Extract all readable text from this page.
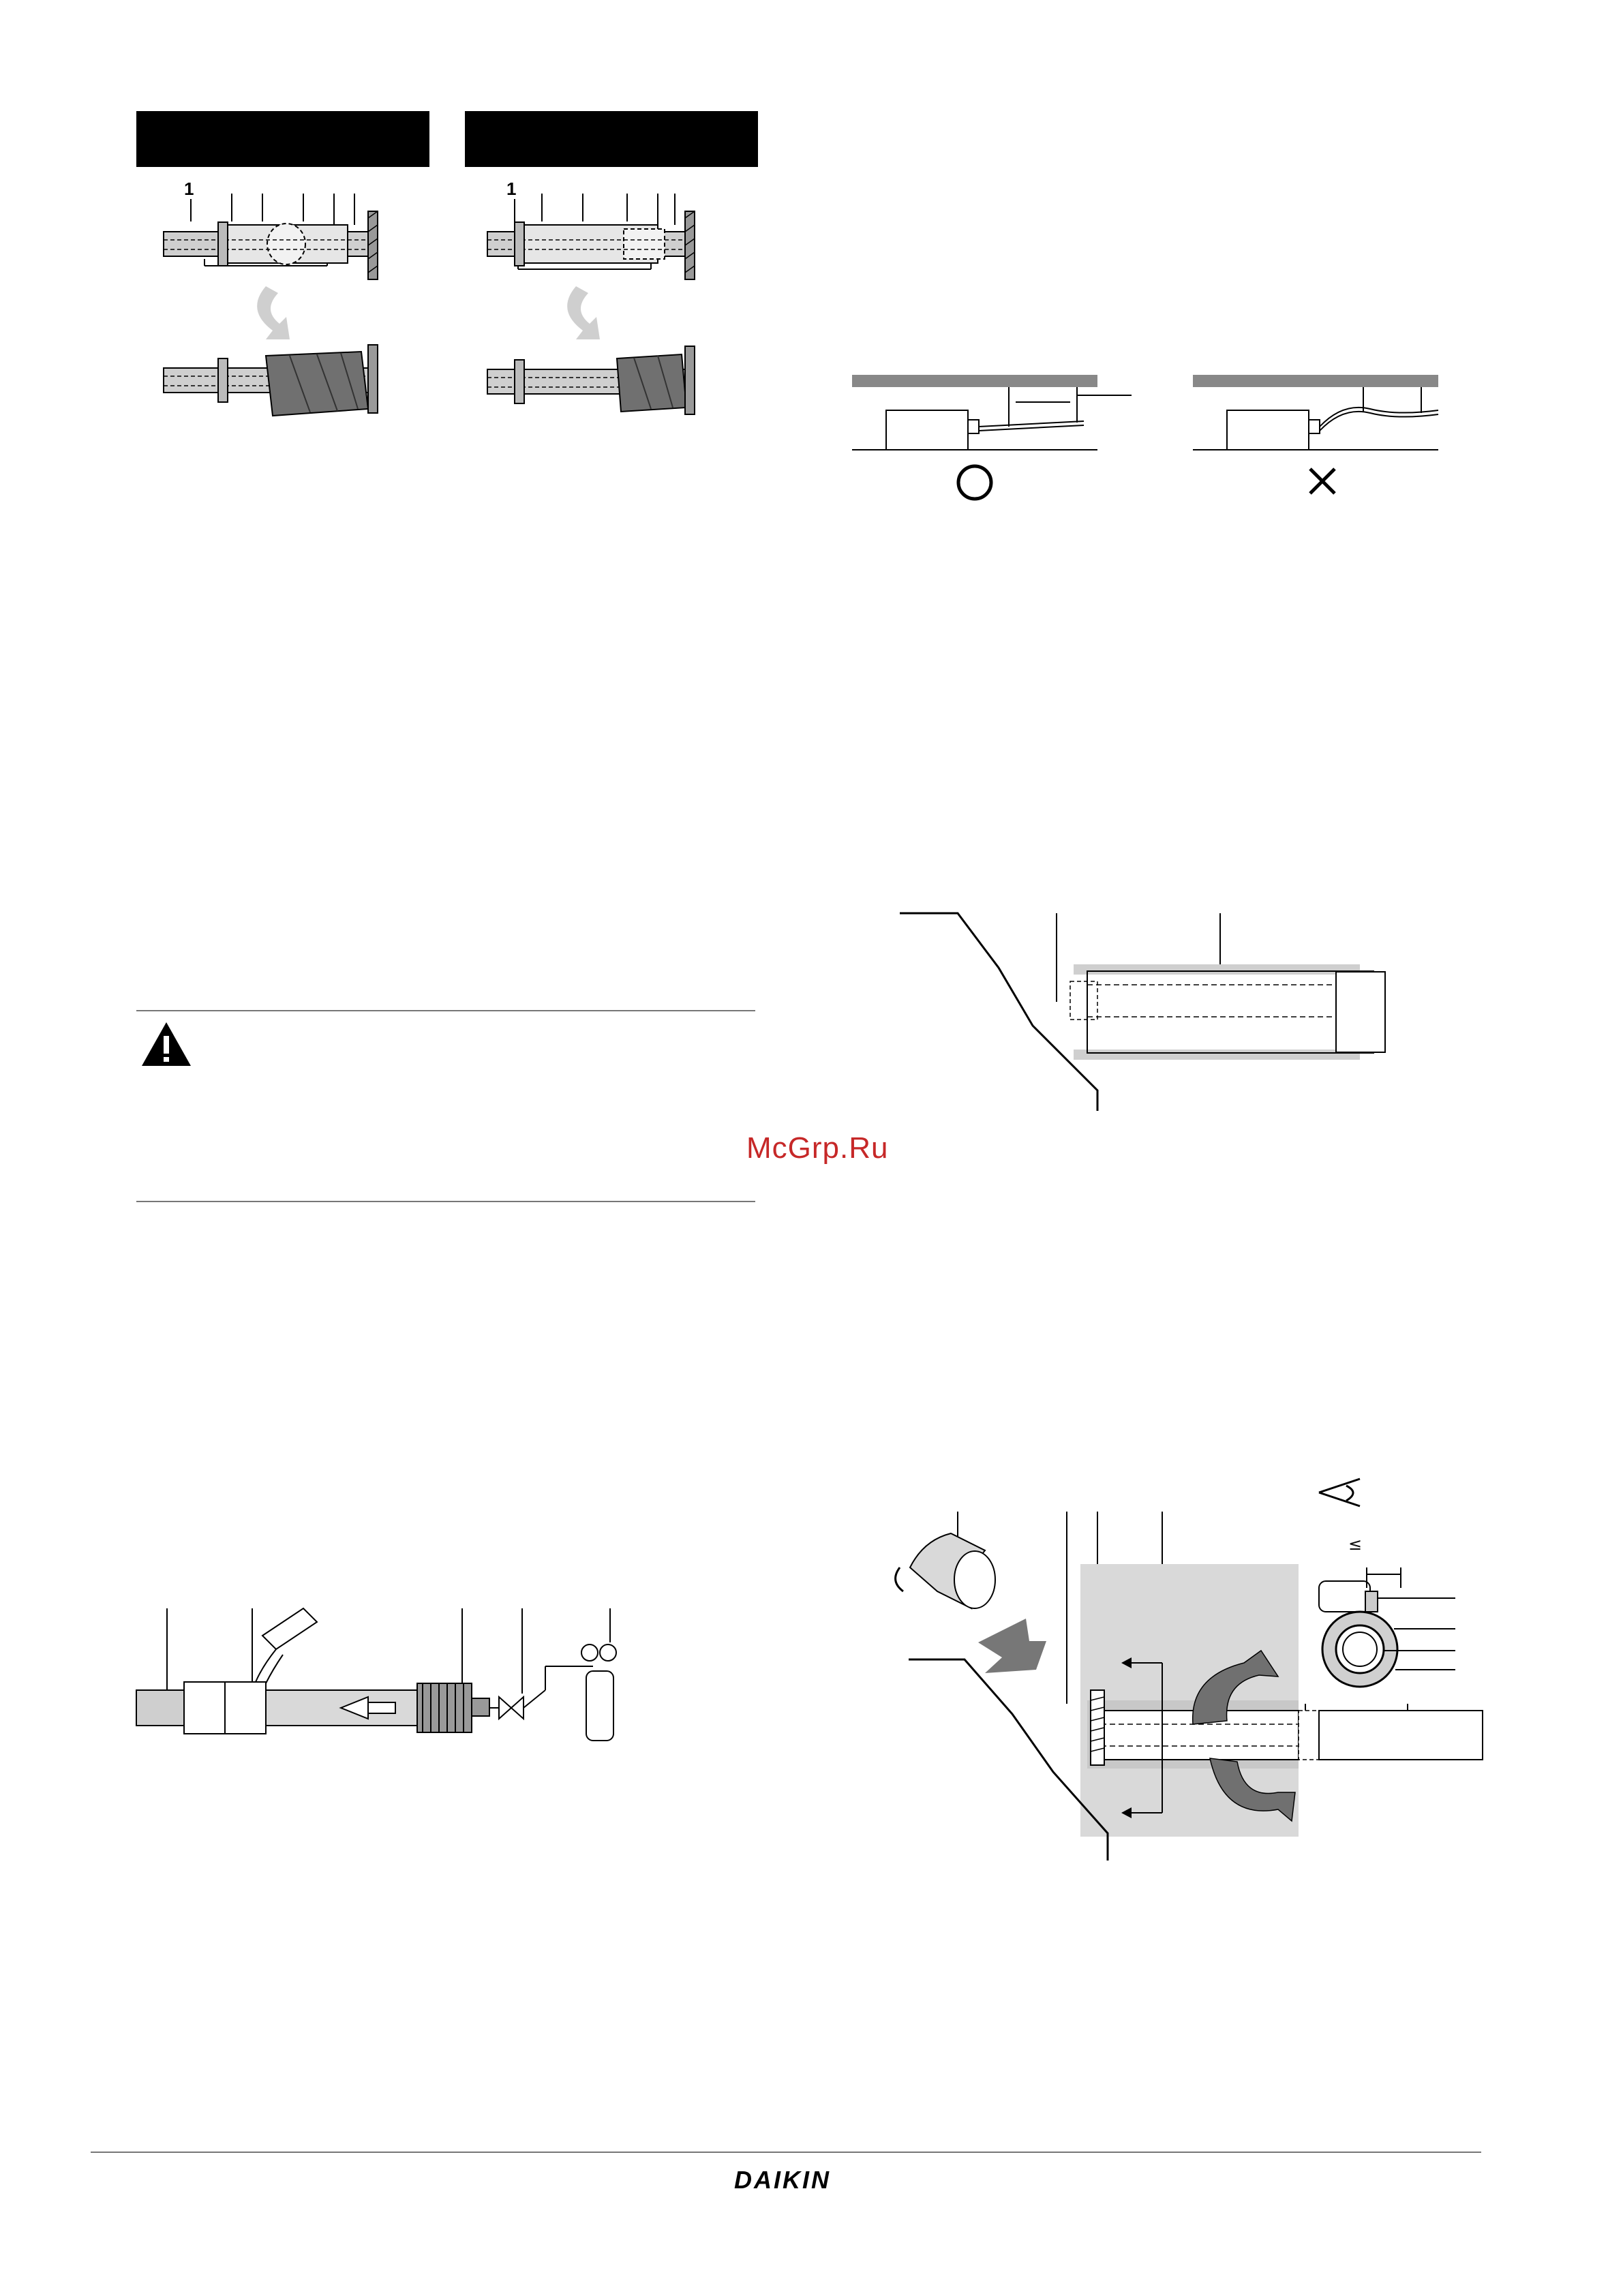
1	1
McGrp.Ru
≤
DAIKIN
